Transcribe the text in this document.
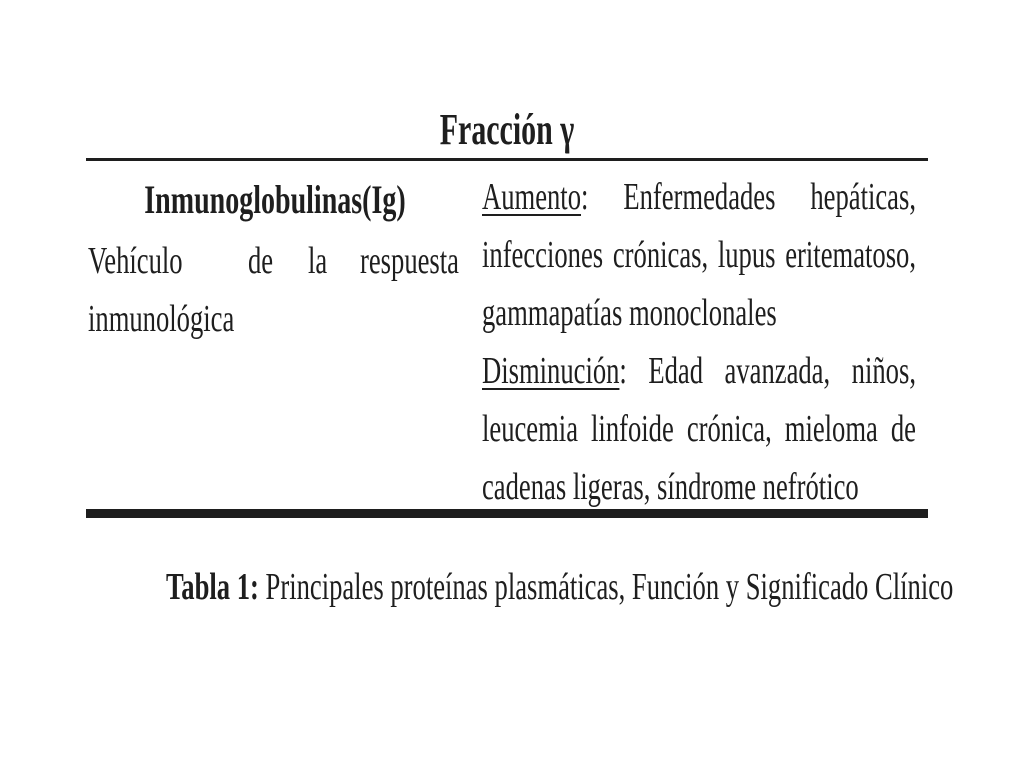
Fracción γ
Inmunoglobulinas(Ig)
Vehículo de la respuesta
inmunológica
Aumento: Enfermedades hepáticas,
infecciones crónicas, lupus eritematoso,
gammapatías monoclonales
Disminución: Edad avanzada, niños,
leucemia linfoide crónica, mieloma de
cadenas ligeras, síndrome nefrótico
Tabla 1: Principales proteínas plasmáticas, Función y Significado Clínico
